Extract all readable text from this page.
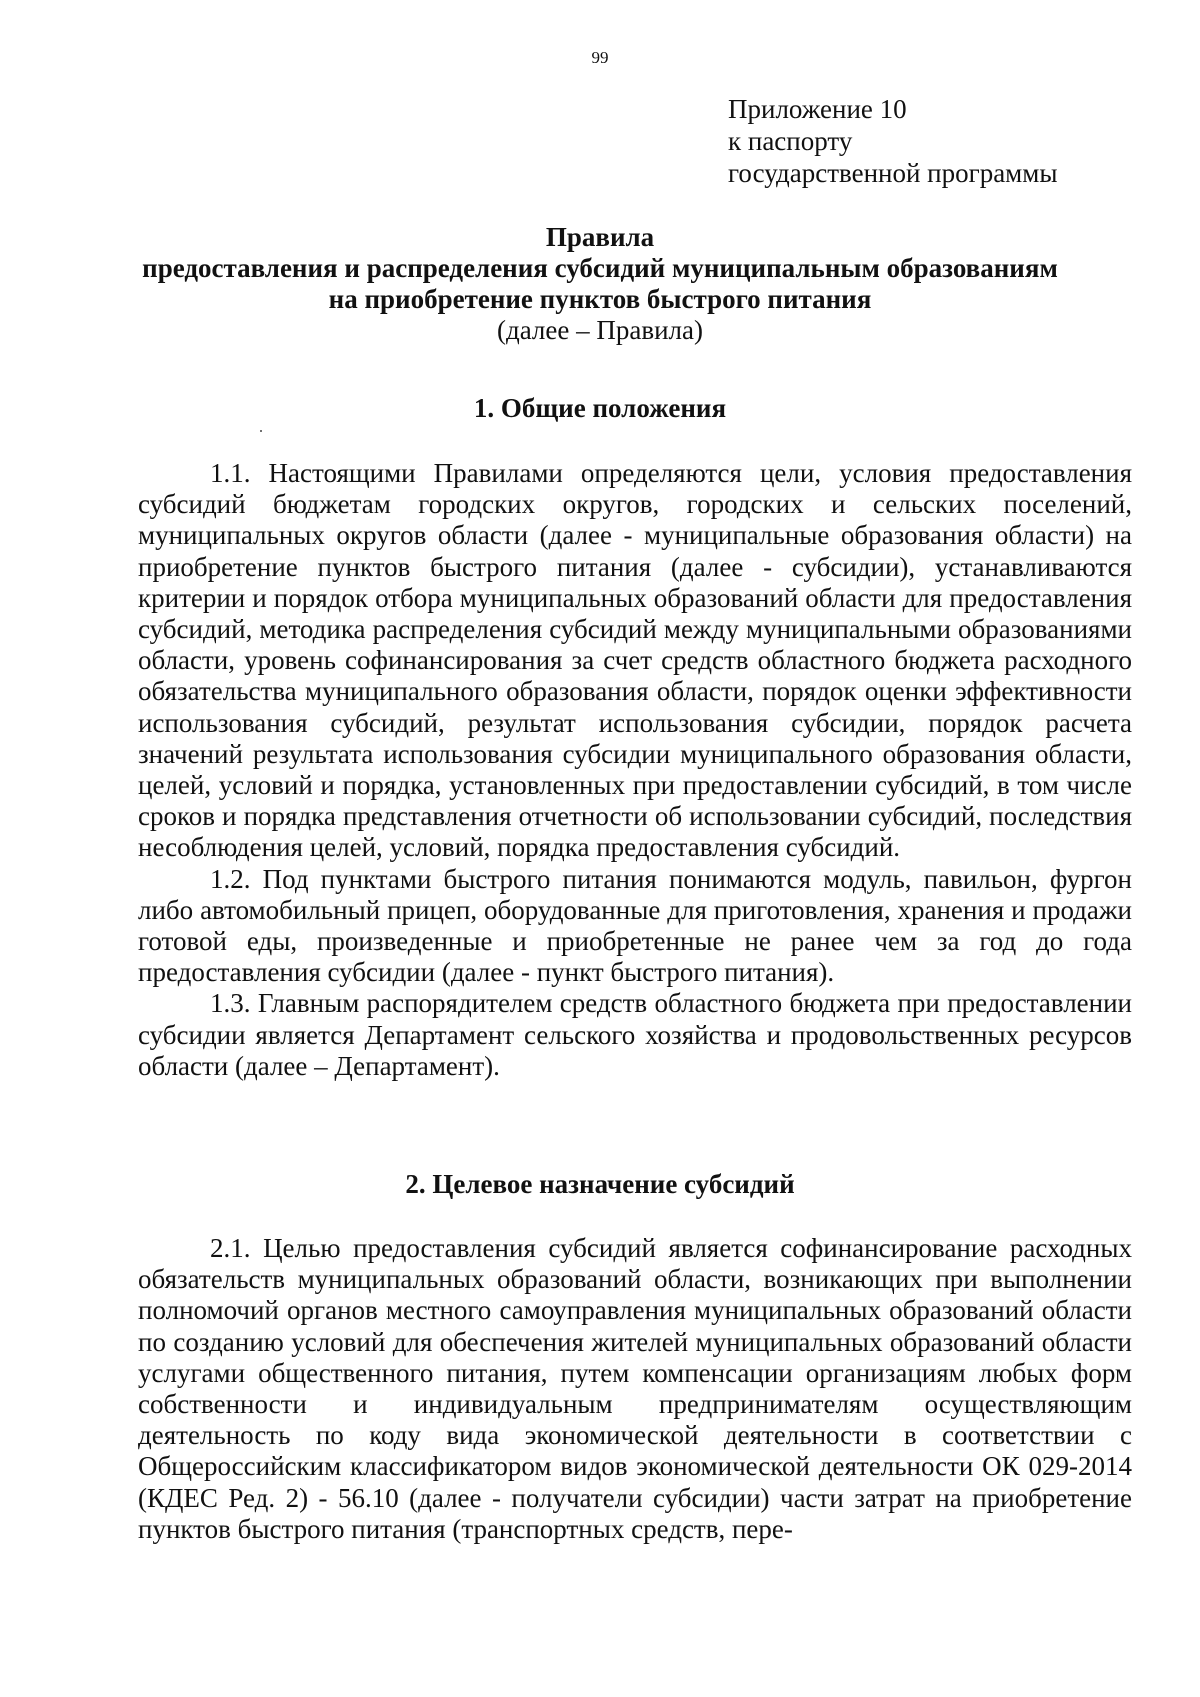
99
Приложение 10
к паспорту
государственной программы
Правила
предоставления и распределения субсидий муниципальным образованиям
на приобретение пунктов быстрого питания
(далее – Правила)
1. Общие положения

1.1. Настоящими Правилами определяются цели, условия предоставления субсидий бюджетам городских округов, городских и сельских поселений, муниципальных округов области (далее - муниципальные образования области) на приобретение пунктов быстрого питания (далее - субсидии), устанавливаются критерии и порядок отбора муниципальных образований области для предоставления субсидий, методика распределения субсидий между муниципальными образованиями области, уровень софинансирования за счет средств областного бюджета расходного обязательства муниципального образования области, порядок оценки эффективности использования субсидий, результат использования субсидии, порядок расчета значений результата использования субсидии муниципального образования области, целей, условий и порядка, установленных при предоставлении субсидий, в том числе сроков и порядка представления отчетности об использовании субсидий, последствия несоблюдения целей, условий, порядка предоставления субсидий.

1.2. Под пунктами быстрого питания понимаются модуль, павильон, фургон либо автомобильный прицеп, оборудованные для приготовления, хранения и продажи готовой еды, произведенные и приобретенные не ранее чем за год до года предоставления субсидии (далее - пункт быстрого питания).

1.3. Главным распорядителем средств областного бюджета при предоставлении субсидии является Департамент сельского хозяйства и продовольственных ресурсов области (далее – Департамент).

2. Целевое назначение субсидий

2.1. Целью предоставления субсидий является софинансирование расходных обязательств муниципальных образований области, возникающих при выполнении полномочий органов местного самоуправления муниципальных образований области по созданию условий для обеспечения жителей муниципальных образований области услугами общественного питания, путем компенсации организациям любых форм собственности и индивидуальным предпринимателям осуществляющим деятельность по коду вида экономической деятельности в соответствии с Общероссийским классификатором видов экономической деятельности ОК 029-2014 (КДЕС Ред. 2) - 56.10 (далее - получатели субсидии) части затрат на приобретение пунктов быстрого питания (транспортных средств, пере-
